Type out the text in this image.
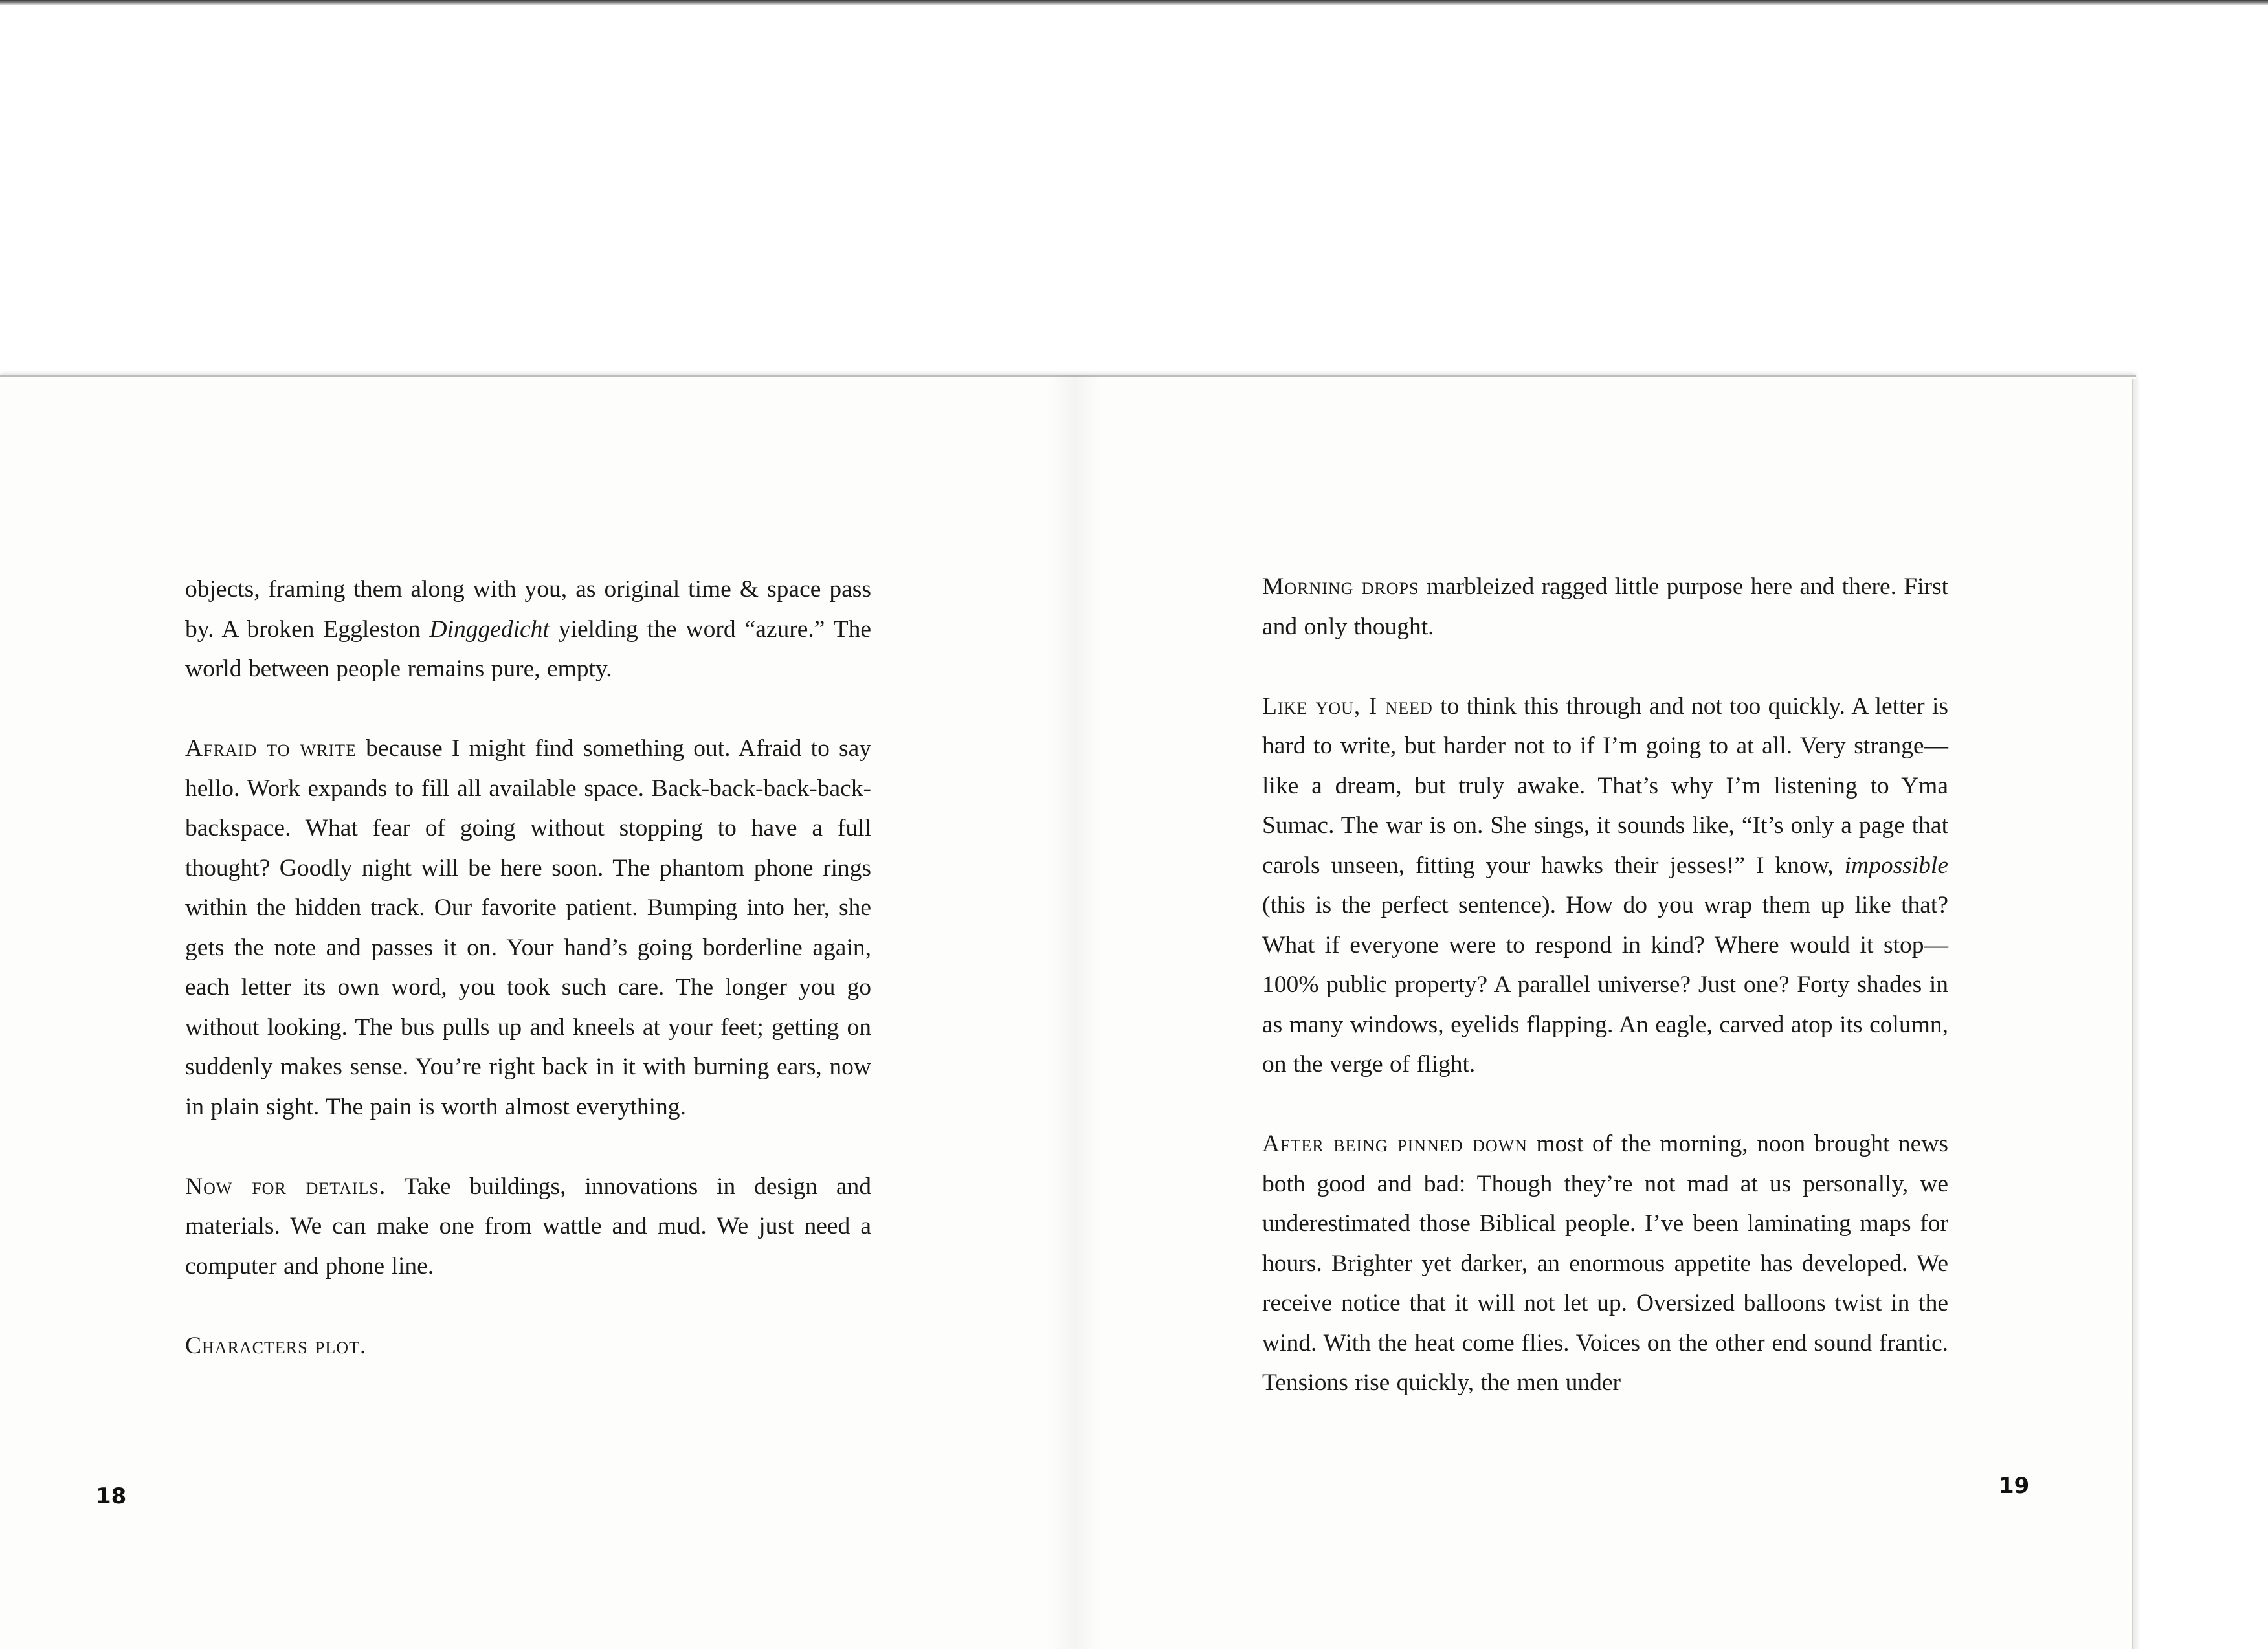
objects, framing them along with you, as original time & space pass by. A broken Eggleston Dinggedicht yielding the word “azure.” The world between people remains pure, empty.

Afraid to write because I might find something out. Afraid to say hello. Work expands to fill all available space. Back-back-back-back-backspace. What fear of going without stopping to have a full thought? Goodly night will be here soon. The phantom phone rings within the hidden track. Our favorite patient. Bumping into her, she gets the note and passes it on. Your hand’s going borderline again, each letter its own word, you took such care. The longer you go without looking. The bus pulls up and kneels at your feet; getting on suddenly makes sense. You’re right back in it with burning ears, now in plain sight. The pain is worth almost everything.

Now for details. Take buildings, innovations in design and materials. We can make one from wattle and mud. We just need a computer and phone line.

Characters plot.

Morning drops marbleized ragged little purpose here and there. First and only thought.

Like you, I need to think this through and not too quickly. A letter is hard to write, but harder not to if I’m going to at all. Very strange—like a dream, but truly awake. That’s why I’m listening to Yma Sumac. The war is on. She sings, it sounds like, “It’s only a page that carols unseen, fitting your hawks their jesses!” I know, impossible (this is the perfect sentence). How do you wrap them up like that? What if everyone were to respond in kind? Where would it stop—100% public property? A parallel universe? Just one? Forty shades in as many windows, eyelids flapping. An eagle, carved atop its column, on the verge of flight.

After being pinned down most of the morning, noon brought news both good and bad: Though they’re not mad at us personally, we underestimated those Biblical people. I’ve been laminating maps for hours. Brighter yet darker, an enormous appetite has developed. We receive notice that it will not let up. Oversized balloons twist in the wind. With the heat come flies. Voices on the other end sound frantic. Tensions rise quickly, the men under

18	19
